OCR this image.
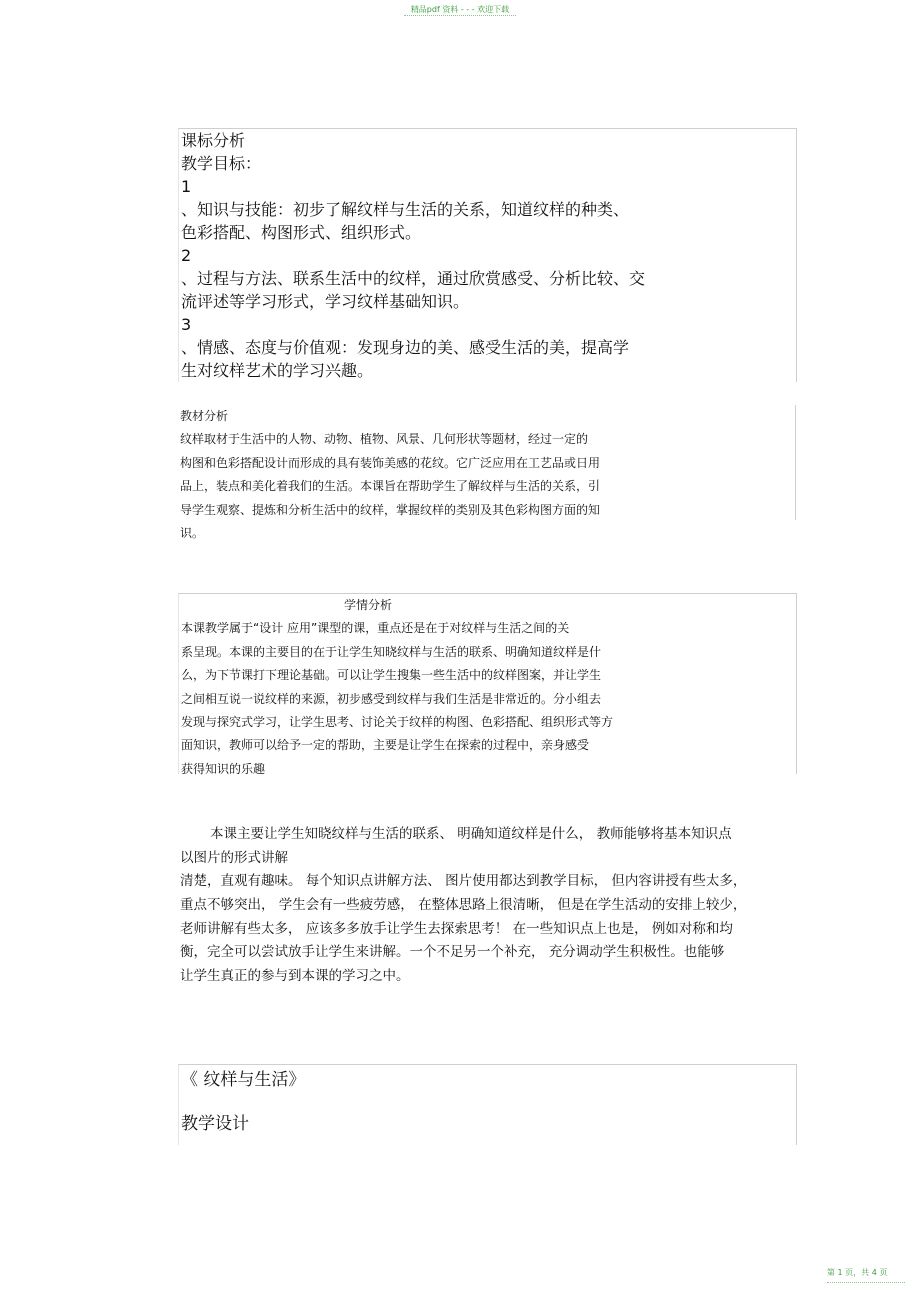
精品pdf 资料 - - - 欢迎下载
课标分析
教学目标：
1
、知识与技能：初步了解纹样与生活的关系，知道纹样的种类、
色彩搭配、构图形式、组织形式。
2
、过程与方法、联系生活中的纹样，通过欣赏感受、分析比较、交
流评述等学习形式，学习纹样基础知识。
3
、情感、态度与价值观：发现身边的美、感受生活的美，提高学
生对纹样艺术的学习兴趣。
教材分析
纹样取材于生活中的人物、动物、植物、风景、几何形状等题材，经过一定的
构图和色彩搭配设计而形成的具有装饰美感的花纹。它广泛应用在工艺品或日用
品上，装点和美化着我们的生活。本课旨在帮助学生了解纹样与生活的关系，引
导学生观察、提炼和分析生活中的纹样，掌握纹样的类别及其色彩构图方面的知
识。
学情分析
本课教学属于“设计 应用”课型的课，重点还是在于对纹样与生活之间的关
系呈现。本课的主要目的在于让学生知晓纹样与生活的联系、明确知道纹样是什
么，为下节课打下理论基础。可以让学生搜集一些生活中的纹样图案，并让学生
之间相互说一说纹样的来源，初步感受到纹样与我们生活是非常近的。分小组去
发现与探究式学习，让学生思考、讨论关于纹样的构图、色彩搭配、组织形式等方
面知识，教师可以给予一定的帮助，主要是让学生在探索的过程中，亲身感受
获得知识的乐趣
本课主要让学生知晓纹样与生活的联系、 明确知道纹样是什么， 教师能够将基本知识点
以图片的形式讲解
清楚，直观有趣味。 每个知识点讲解方法、 图片使用都达到教学目标， 但内容讲授有些太多，
重点不够突出， 学生会有一些疲劳感， 在整体思路上很清晰， 但是在学生活动的安排上较少，
老师讲解有些太多， 应该多多放手让学生去探索思考！ 在一些知识点上也是， 例如对称和均
衡，完全可以尝试放手让学生来讲解。一个不足另一个补充， 充分调动学生积极性。也能够
让学生真正的参与到本课的学习之中。
《 纹样与生活》
教学设计
第 1 页，共 4 页
